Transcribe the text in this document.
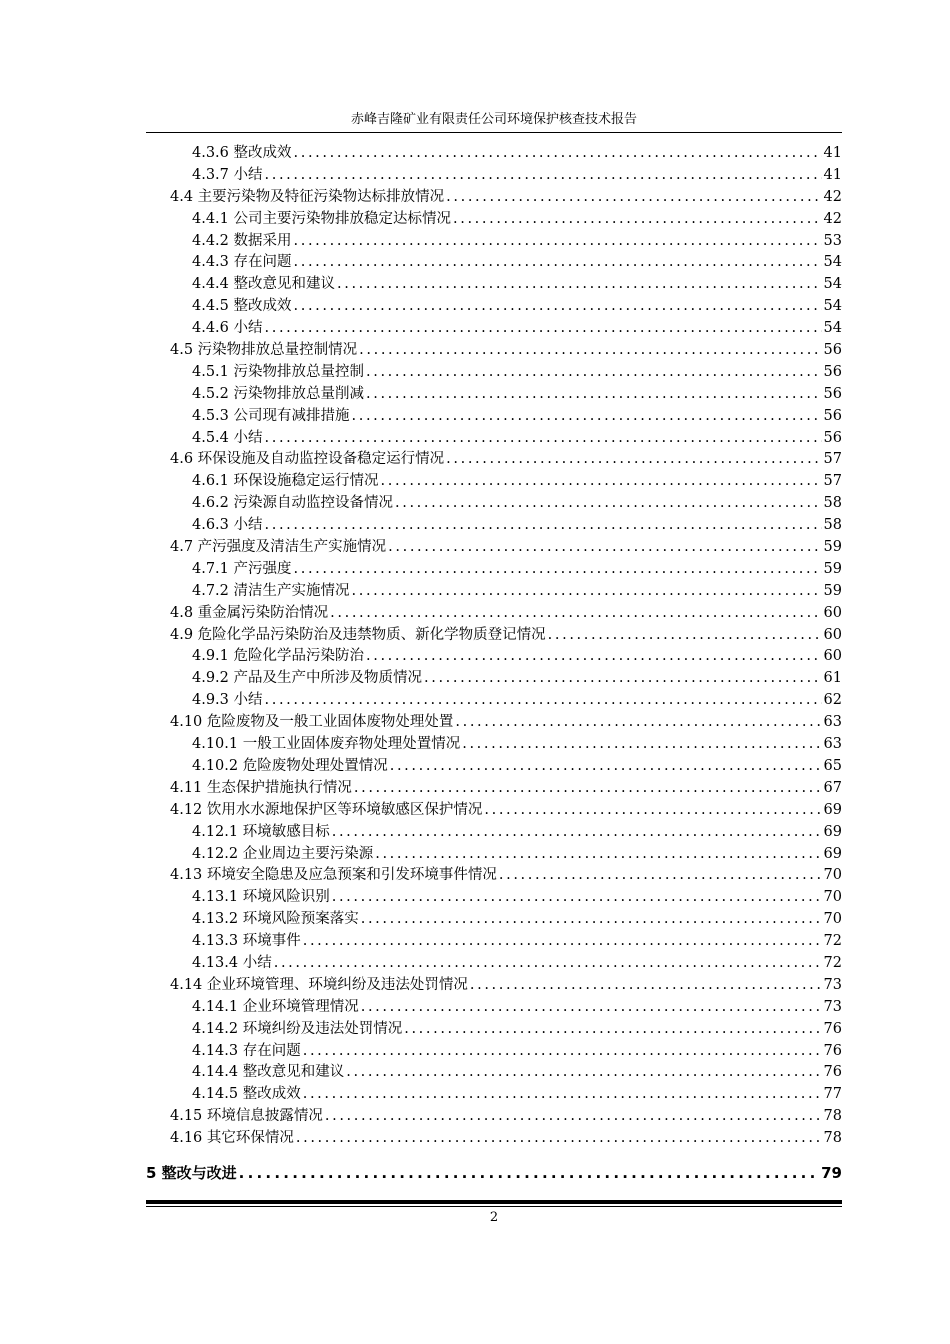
赤峰吉隆矿业有限责任公司环境保护核查技术报告
4.3.6 整改成效 . . .	41
4.3.7 小结 . . .	41
4.4 主要污染物及特征污染物达标排放情况 . . .	42
4.4.1 公司主要污染物排放稳定达标情况 . . .	42
4.4.2 数据采用 . . .	53
4.4.3 存在问题 . . .	54
4.4.4 整改意见和建议 . . .	54
4.4.5 整改成效 . . .	54
4.4.6 小结 . . .	54
4.5 污染物排放总量控制情况 . . .	56
4.5.1 污染物排放总量控制 . . .	56
4.5.2 污染物排放总量削减 . . .	56
4.5.3 公司现有减排措施 . . .	56
4.5.4 小结 . . .	56
4.6 环保设施及自动监控设备稳定运行情况 . . .	57
4.6.1 环保设施稳定运行情况 . . .	57
4.6.2 污染源自动监控设备情况 . . .	58
4.6.3 小结 . . .	58
4.7 产污强度及清洁生产实施情况 . . .	59
4.7.1 产污强度 . . .	59
4.7.2 清洁生产实施情况 . . .	59
4.8 重金属污染防治情况 . . .	60
4.9 危险化学品污染防治及违禁物质、新化学物质登记情况 . . .	60
4.9.1 危险化学品污染防治 . . .	60
4.9.2 产品及生产中所涉及物质情况 . . .	61
4.9.3 小结 . . .	62
4.10 危险废物及一般工业固体废物处理处置 . . .	63
4.10.1 一般工业固体废弃物处理处置情况 . . .	63
4.10.2 危险废物处理处置情况 . . .	65
4.11 生态保护措施执行情况 . . .	67
4.12 饮用水水源地保护区等环境敏感区保护情况 . . .	69
4.12.1 环境敏感目标 . . .	69
4.12.2 企业周边主要污染源 . . .	69
4.13 环境安全隐患及应急预案和引发环境事件情况 . . .	70
4.13.1 环境风险识别 . . .	70
4.13.2 环境风险预案落实 . . .	70
4.13.3 环境事件 . . .	72
4.13.4 小结 . . .	72
4.14 企业环境管理、环境纠纷及违法处罚情况 . . .	73
4.14.1 企业环境管理情况 . . .	73
4.14.2 环境纠纷及违法处罚情况 . . .	76
4.14.3 存在问题 . . .	76
4.14.4 整改意见和建议 . . .	76
4.14.5 整改成效 . . .	77
4.15 环境信息披露情况 . . .	78
4.16 其它环保情况 . . .	78
5 整改与改进 . . .	79
2
